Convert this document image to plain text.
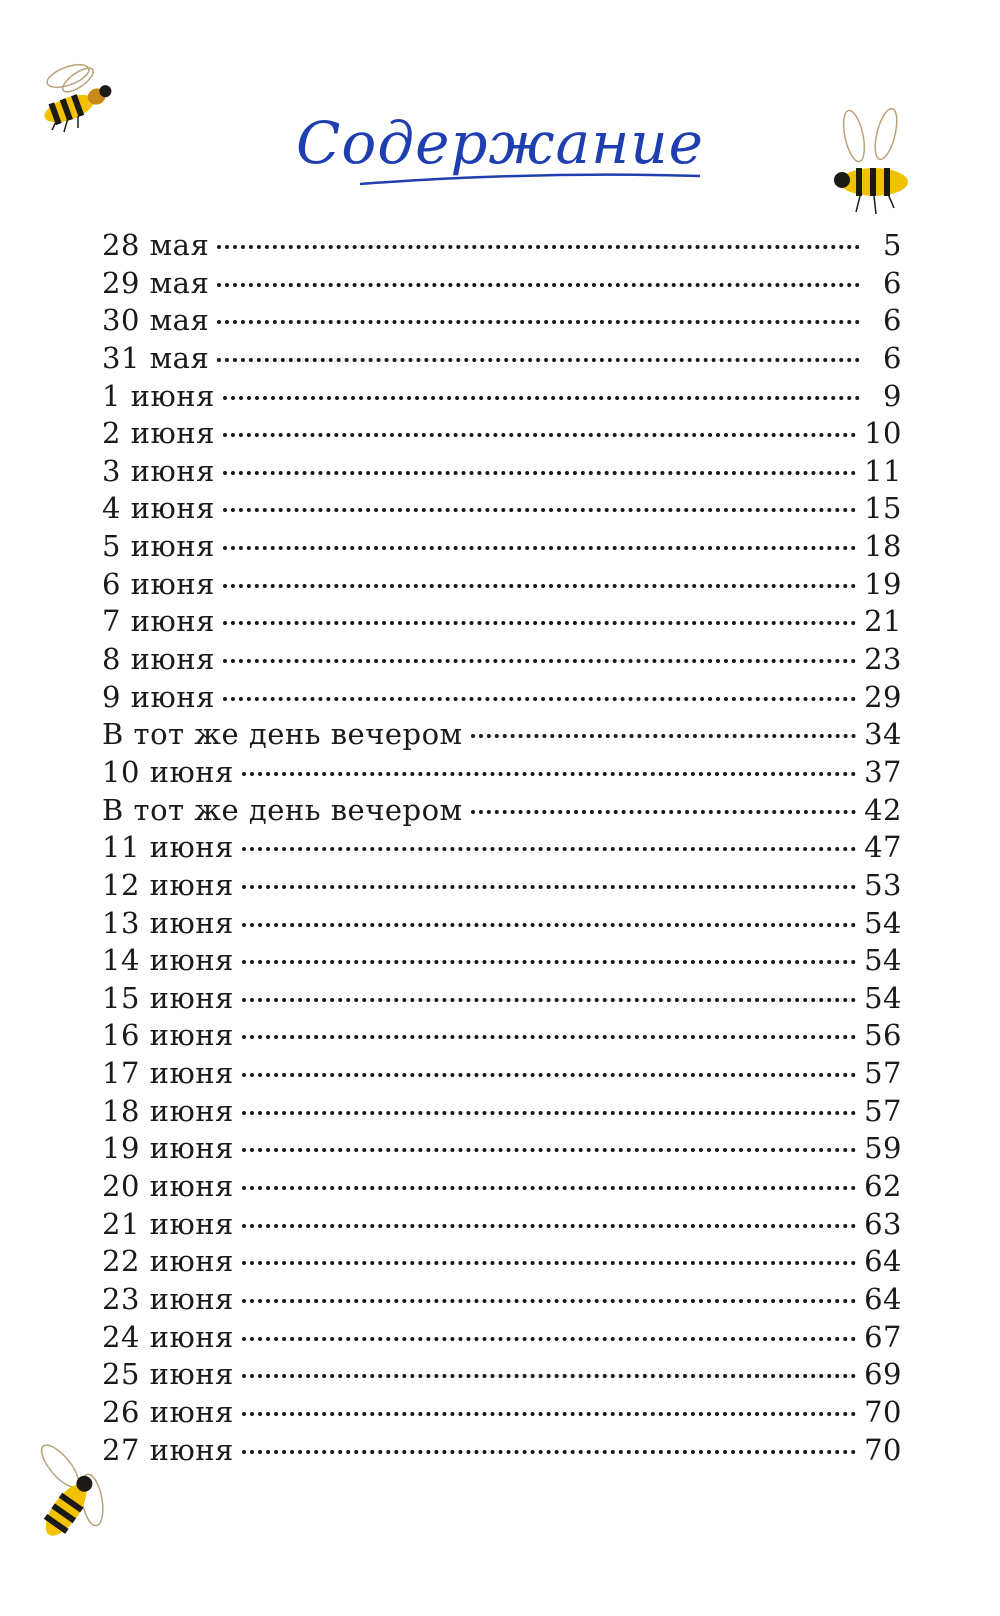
Содержание
28 мая	5
29 мая	6
30 мая	6
31 мая	6
1 июня	9
2 июня	10
3 июня	11
4 июня	15
5 июня	18
6 июня	19
7 июня	21
8 июня	23
9 июня	29
В тот же день вечером	34
10 июня	37
В тот же день вечером	42
11 июня	47
12 июня	53
13 июня	54
14 июня	54
15 июня	54
16 июня	56
17 июня	57
18 июня	57
19 июня	59
20 июня	62
21 июня	63
22 июня	64
23 июня	64
24 июня	67
25 июня	69
26 июня	70
27 июня	70
